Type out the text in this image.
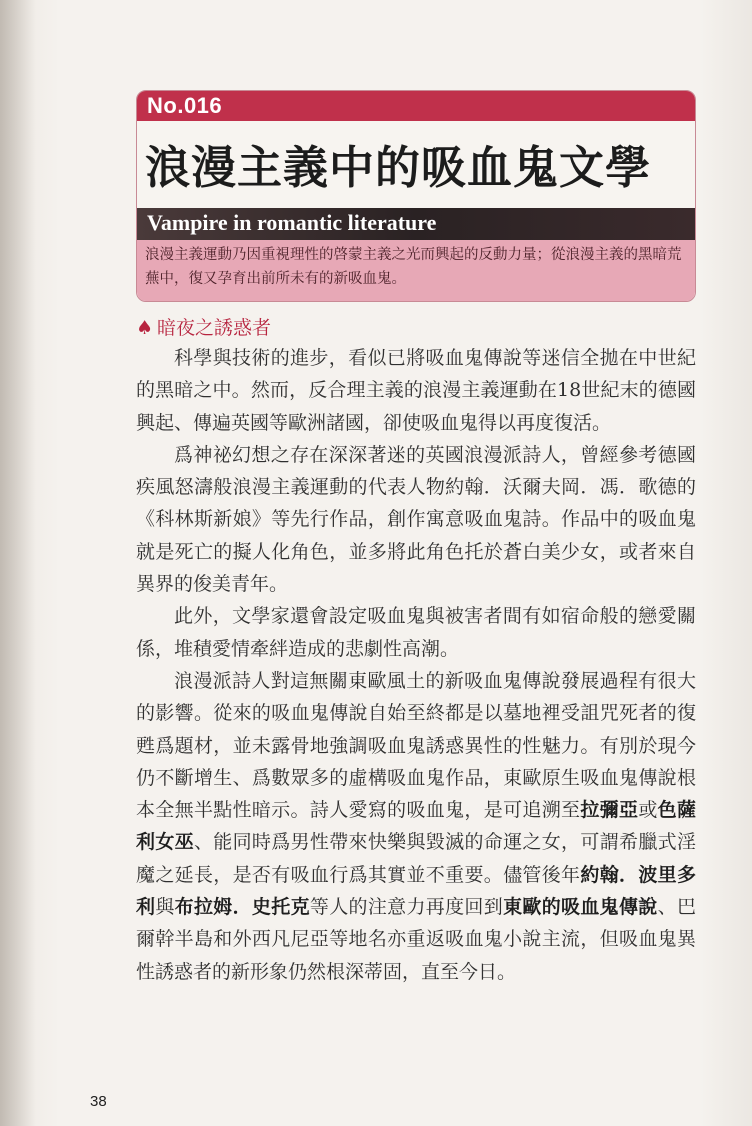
No.016
浪漫主義中的吸血鬼文學
Vampire in romantic literature
浪漫主義運動乃因重視理性的啓蒙主義之光而興起的反動力量；從浪漫主義的黑暗荒蕪中，復又孕育出前所未有的新吸血鬼。
♠ 暗夜之誘惑者

科學與技術的進步，看似已將吸血鬼傳說等迷信全拋在中世紀的黑暗之中。然而，反合理主義的浪漫主義運動在18世紀末的德國興起、傳遍英國等歐洲諸國，卻使吸血鬼得以再度復活。

爲神祕幻想之存在深深著迷的英國浪漫派詩人，曾經參考德國疾風怒濤般浪漫主義運動的代表人物約翰．沃爾夫岡．馮．歌德的《科林斯新娘》等先行作品，創作寓意吸血鬼詩。作品中的吸血鬼就是死亡的擬人化角色，並多將此角色托於蒼白美少女，或者來自異界的俊美青年。

此外，文學家還會設定吸血鬼與被害者間有如宿命般的戀愛關係，堆積愛情牽絆造成的悲劇性高潮。

浪漫派詩人對這無關東歐風土的新吸血鬼傳說發展過程有很大的影響。從來的吸血鬼傳說自始至終都是以墓地裡受詛咒死者的復甦爲題材，並未露骨地強調吸血鬼誘惑異性的性魅力。有別於現今仍不斷增生、爲數眾多的虛構吸血鬼作品，東歐原生吸血鬼傳說根本全無半點性暗示。詩人愛寫的吸血鬼，是可追溯至拉彌亞或色薩利女巫、能同時爲男性帶來快樂與毀滅的命運之女，可謂希臘式淫魔之延長，是否有吸血行爲其實並不重要。儘管後年約翰．波里多利與布拉姆．史托克等人的注意力再度回到東歐的吸血鬼傳說、巴爾幹半島和外西凡尼亞等地名亦重返吸血鬼小說主流，但吸血鬼異性誘惑者的新形象仍然根深蒂固，直至今日。

38
